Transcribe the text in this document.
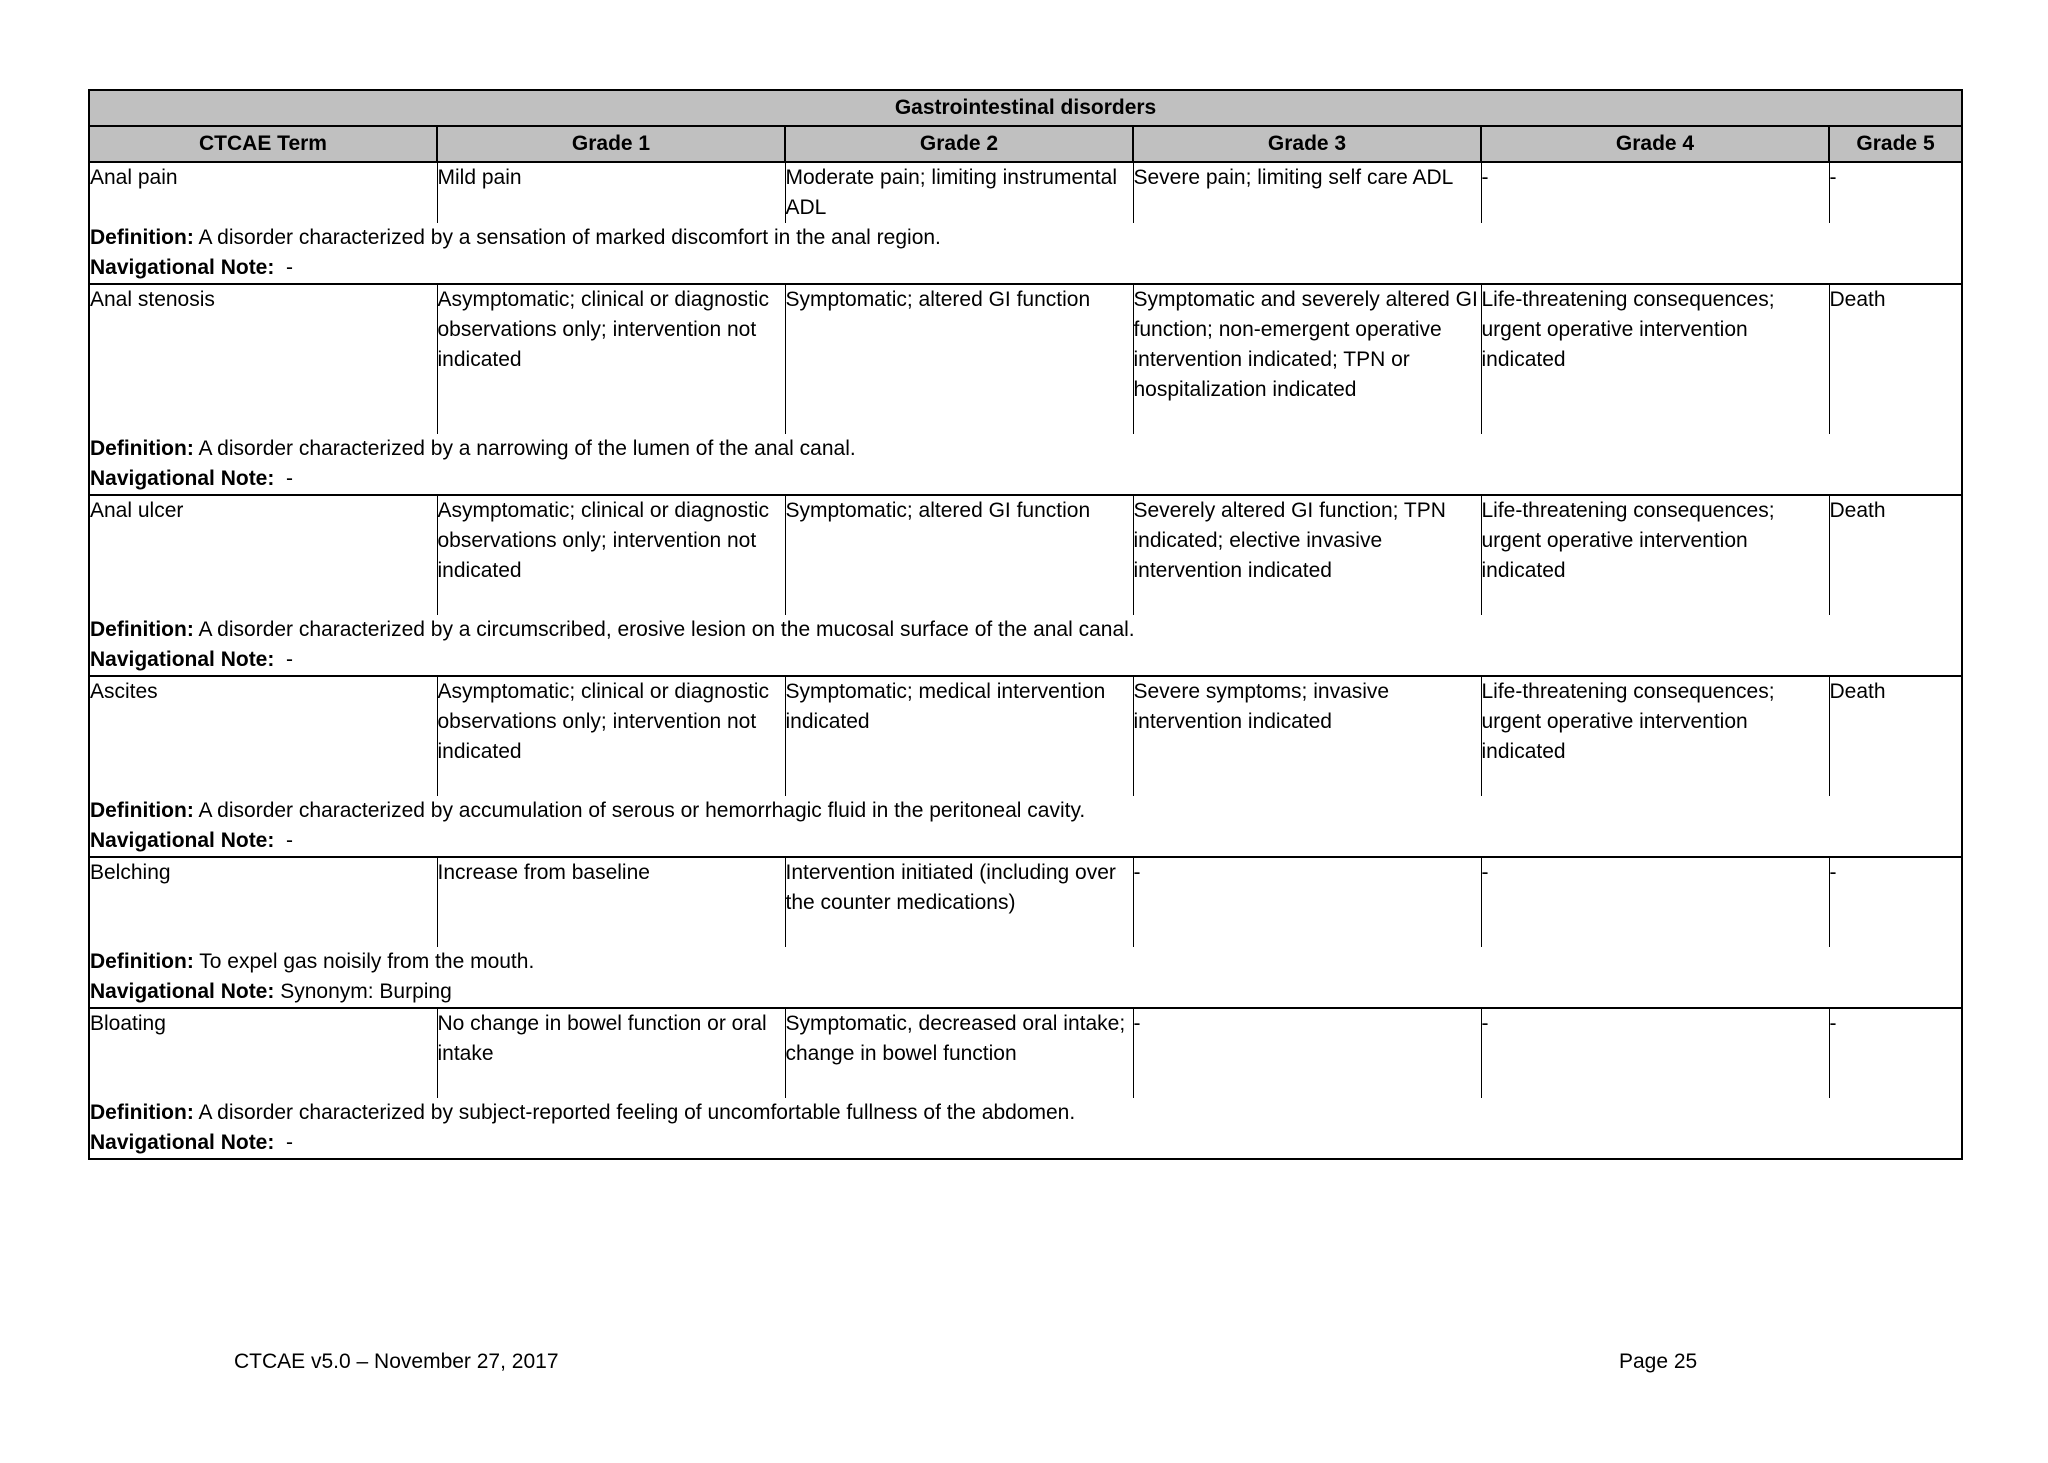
Gastrointestinal disorders					
CTCAE Term	Grade 1	Grade 2	Grade 3	Grade 4	Grade 5
Anal pain	Mild pain	Moderate pain; limiting instrumental ADL	Severe pain; limiting self care ADL	-	-
Definition: A disorder characterized by a sensation of marked discomfort in the anal region.					
Navigational Note: -					
Anal stenosis	Asymptomatic; clinical or diagnostic observations only; intervention not indicated	Symptomatic; altered GI function	Symptomatic and severely altered GI function; non-emergent operative intervention indicated; TPN or hospitalization indicated	Life-threatening consequences; urgent operative intervention indicated	Death
Definition: A disorder characterized by a narrowing of the lumen of the anal canal.					
Navigational Note: -					
Anal ulcer	Asymptomatic; clinical or diagnostic observations only; intervention not indicated	Symptomatic; altered GI function	Severely altered GI function; TPN indicated; elective invasive intervention indicated	Life-threatening consequences; urgent operative intervention indicated	Death
Definition: A disorder characterized by a circumscribed, erosive lesion on the mucosal surface of the anal canal.					
Navigational Note: -					
Ascites	Asymptomatic; clinical or diagnostic observations only; intervention not indicated	Symptomatic; medical intervention indicated	Severe symptoms; invasive intervention indicated	Life-threatening consequences; urgent operative intervention indicated	Death
Definition: A disorder characterized by accumulation of serous or hemorrhagic fluid in the peritoneal cavity.					
Navigational Note: -					
Belching	Increase from baseline	Intervention initiated (including over the counter medications)	-	-	-
Definition: To expel gas noisily from the mouth.					
Navigational Note: Synonym: Burping					
Bloating	No change in bowel function or oral intake	Symptomatic, decreased oral intake; change in bowel function	-	-	-
Definition: A disorder characterized by subject-reported feeling of uncomfortable fullness of the abdomen.					
Navigational Note: -					
CTCAE v5.0 – November 27, 2017	Page 25
